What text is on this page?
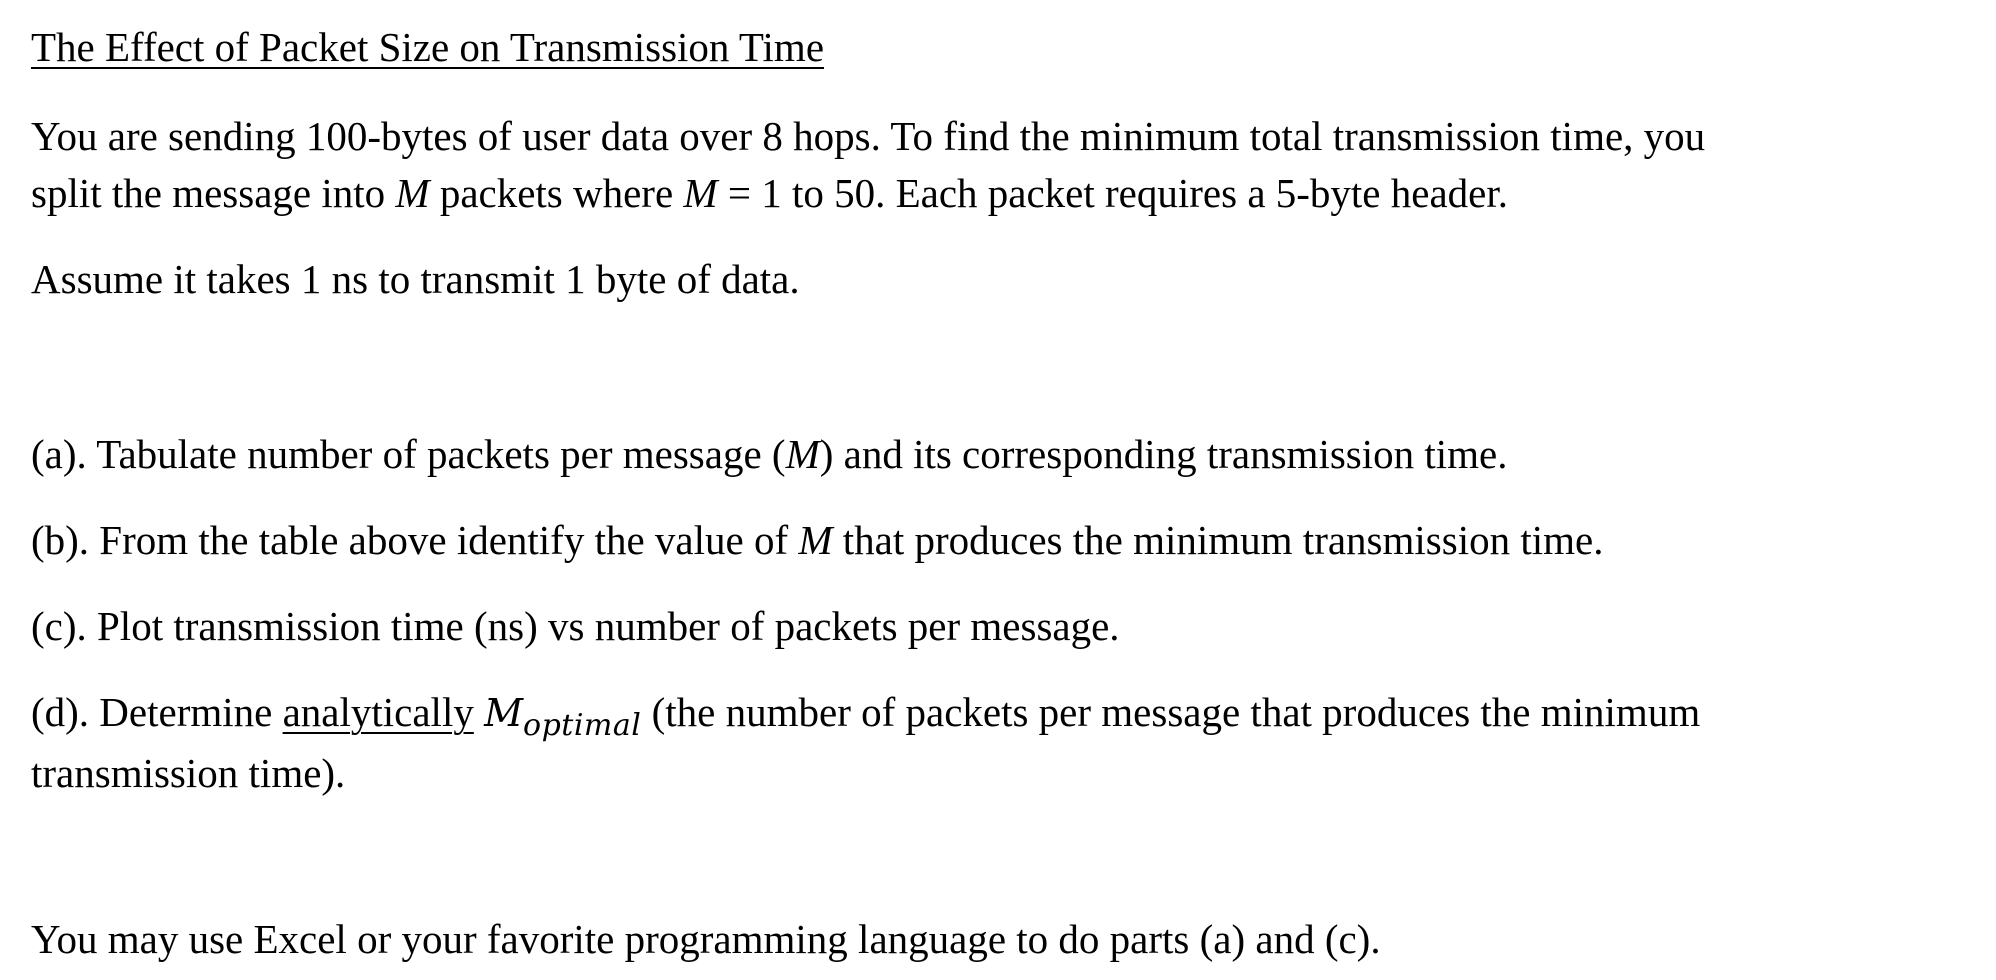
The Effect of Packet Size on Transmission Time
You are sending 100-bytes of user data over 8 hops. To find the minimum total transmission time, you
split the message into M packets where M = 1 to 50. Each packet requires a 5-byte header.
Assume it takes 1 ns to transmit 1 byte of data.
(a). Tabulate number of packets per message (M) and its corresponding transmission time.
(b). From the table above identify the value of M that produces the minimum transmission time.
(c). Plot transmission time (ns) vs number of packets per message.
(d). Determine analytically $M_{optimal}$ (the number of packets per message that produces the minimum
transmission time).
You may use Excel or your favorite programming language to do parts (a) and (c).
